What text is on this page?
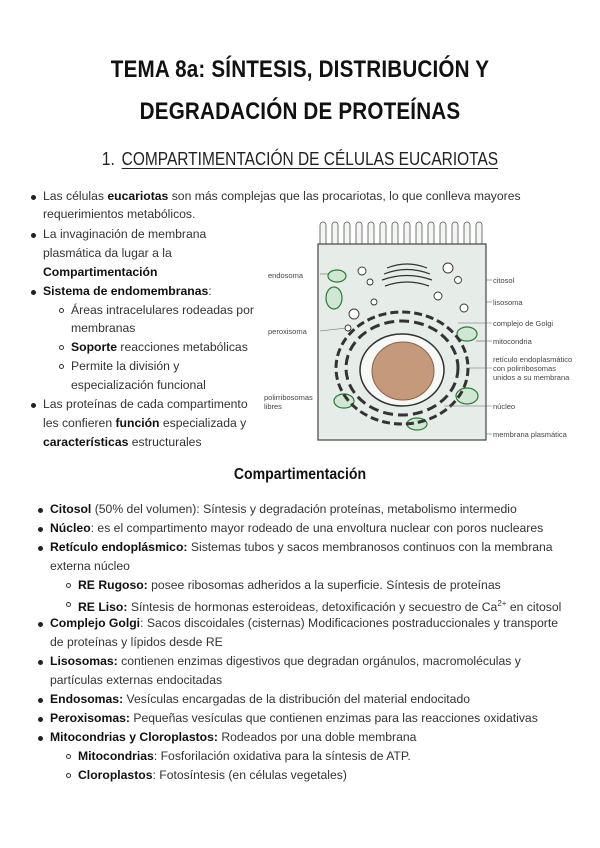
TEMA 8a: SÍNTESIS, DISTRIBUCIÓN Y
DEGRADACIÓN DE PROTEÍNAS
1. COMPARTIMENTACIÓN DE CÉLULAS EUCARIOTAS
Las células eucariotas son más complejas que las procariotas, lo que conlleva mayores
requerimientos metabólicos.
La invaginación de membrana
plasmática da lugar a la
Compartimentación
Sistema de endomembranas:
Áreas intracelulares rodeadas por
membranas
Soporte reacciones metabólicas
Permite la división y
especialización funcional
Las proteínas de cada compartimento
les confieren función especializada y
características estructurales
endosoma
peroxisoma
polirribosomas
libres
citosol
lisosoma
complejo de Golgi
mitocondria
retículo endoplasmático
con polirribosomas
unidos a su membrana
núcleo
membrana plasmática
Compartimentación
Citosol (50% del volumen): Síntesis y degradación proteínas, metabolismo intermedio
Núcleo: es el compartimento mayor rodeado de una envoltura nuclear con poros nucleares
Retículo endoplásmico: Sistemas tubos y sacos membranosos continuos con la membrana
externa núcleo
RE Rugoso: posee ribosomas adheridos a la superficie. Síntesis de proteínas
RE Liso: Síntesis de hormonas esteroideas, detoxificación y secuestro de $Ca^{2+}$ en citosol
Complejo Golgi: Sacos discoidales (cisternas) Modificaciones postraduccionales y transporte
de proteínas y lípidos desde RE
Lisosomas: contienen enzimas digestivos que degradan orgánulos, macromoléculas y
partículas externas endocitadas
Endosomas: Vesículas encargadas de la distribución del material endocitado
Peroxisomas: Pequeñas vesículas que contienen enzimas para las reacciones oxidativas
Mitocondrias y Cloroplastos: Rodeados por una doble membrana
Mitocondrias: Fosforilación oxidativa para la síntesis de ATP.
Cloroplastos: Fotosíntesis (en células vegetales)
